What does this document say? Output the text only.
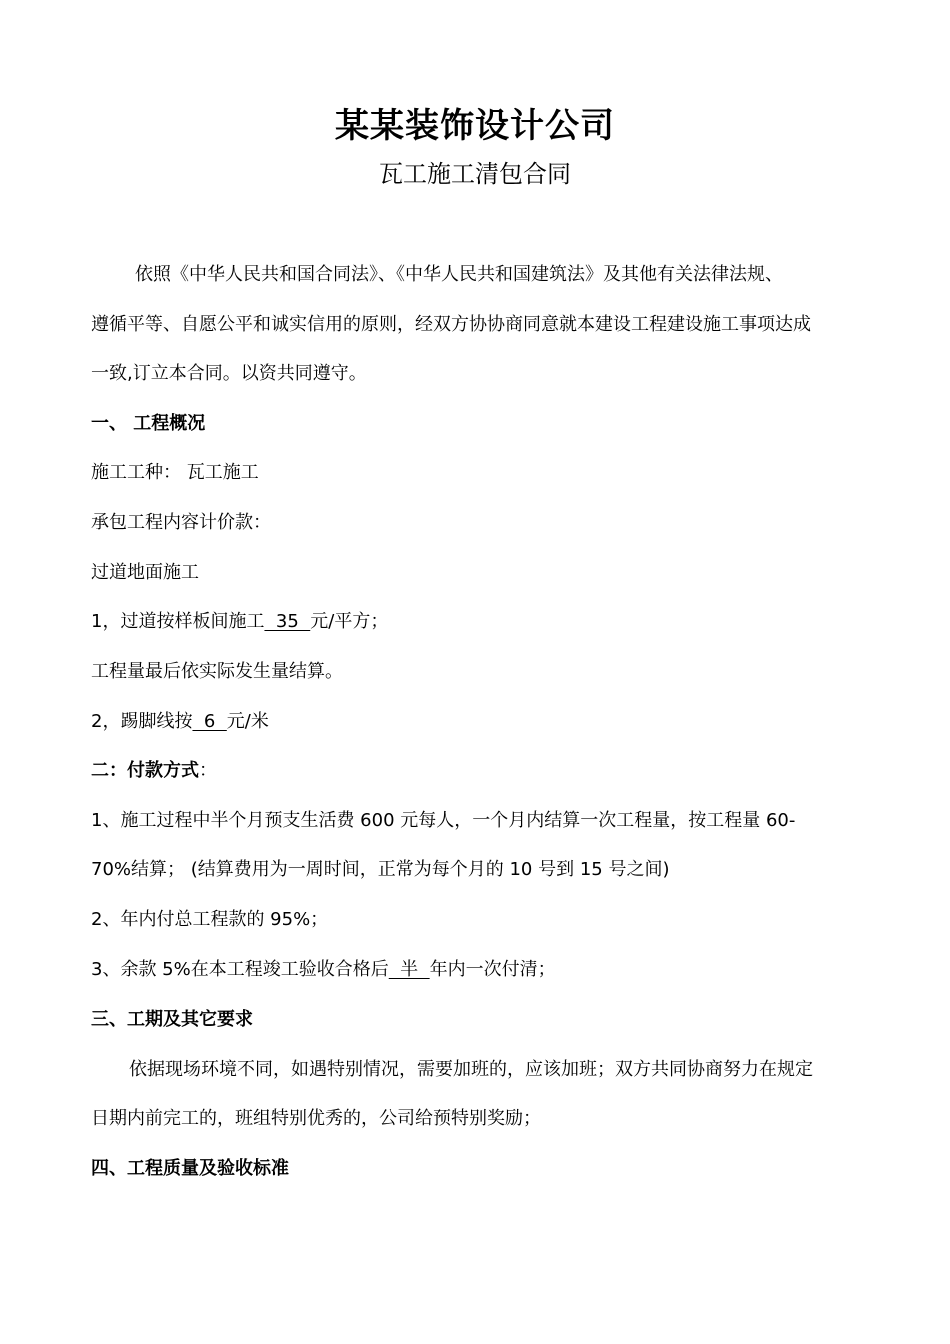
某某装饰设计公司
瓦工施工清包合同
依照《中华人民共和国合同法》、《中华人民共和国建筑法》及其他有关法律法规、
遵循平等、自愿公平和诚实信用的原则，经双方协协商同意就本建设工程建设施工事项达成
一致,订立本合同。以资共同遵守。
一、 工程概况
施工工种： 瓦工施工
承包工程内容计价款：
过道地面施工
1，过道按样板间施工  35  元/平方；
工程量最后依实际发生量结算。
2，踢脚线按  6  元/米
二：付款方式：
1、施工过程中半个月预支生活费 600 元每人，一个月内结算一次工程量，按工程量 60-
70%结算； (结算费用为一周时间，正常为每个月的 10 号到 15 号之间)
2、年内付总工程款的 95%；
3、余款 5%在本工程竣工验收合格后  半  年内一次付清；
三、工期及其它要求
依据现场环境不同，如遇特别情况，需要加班的，应该加班；双方共同协商努力在规定
日期内前完工的，班组特别优秀的，公司给预特别奖励；
四、工程质量及验收标准
